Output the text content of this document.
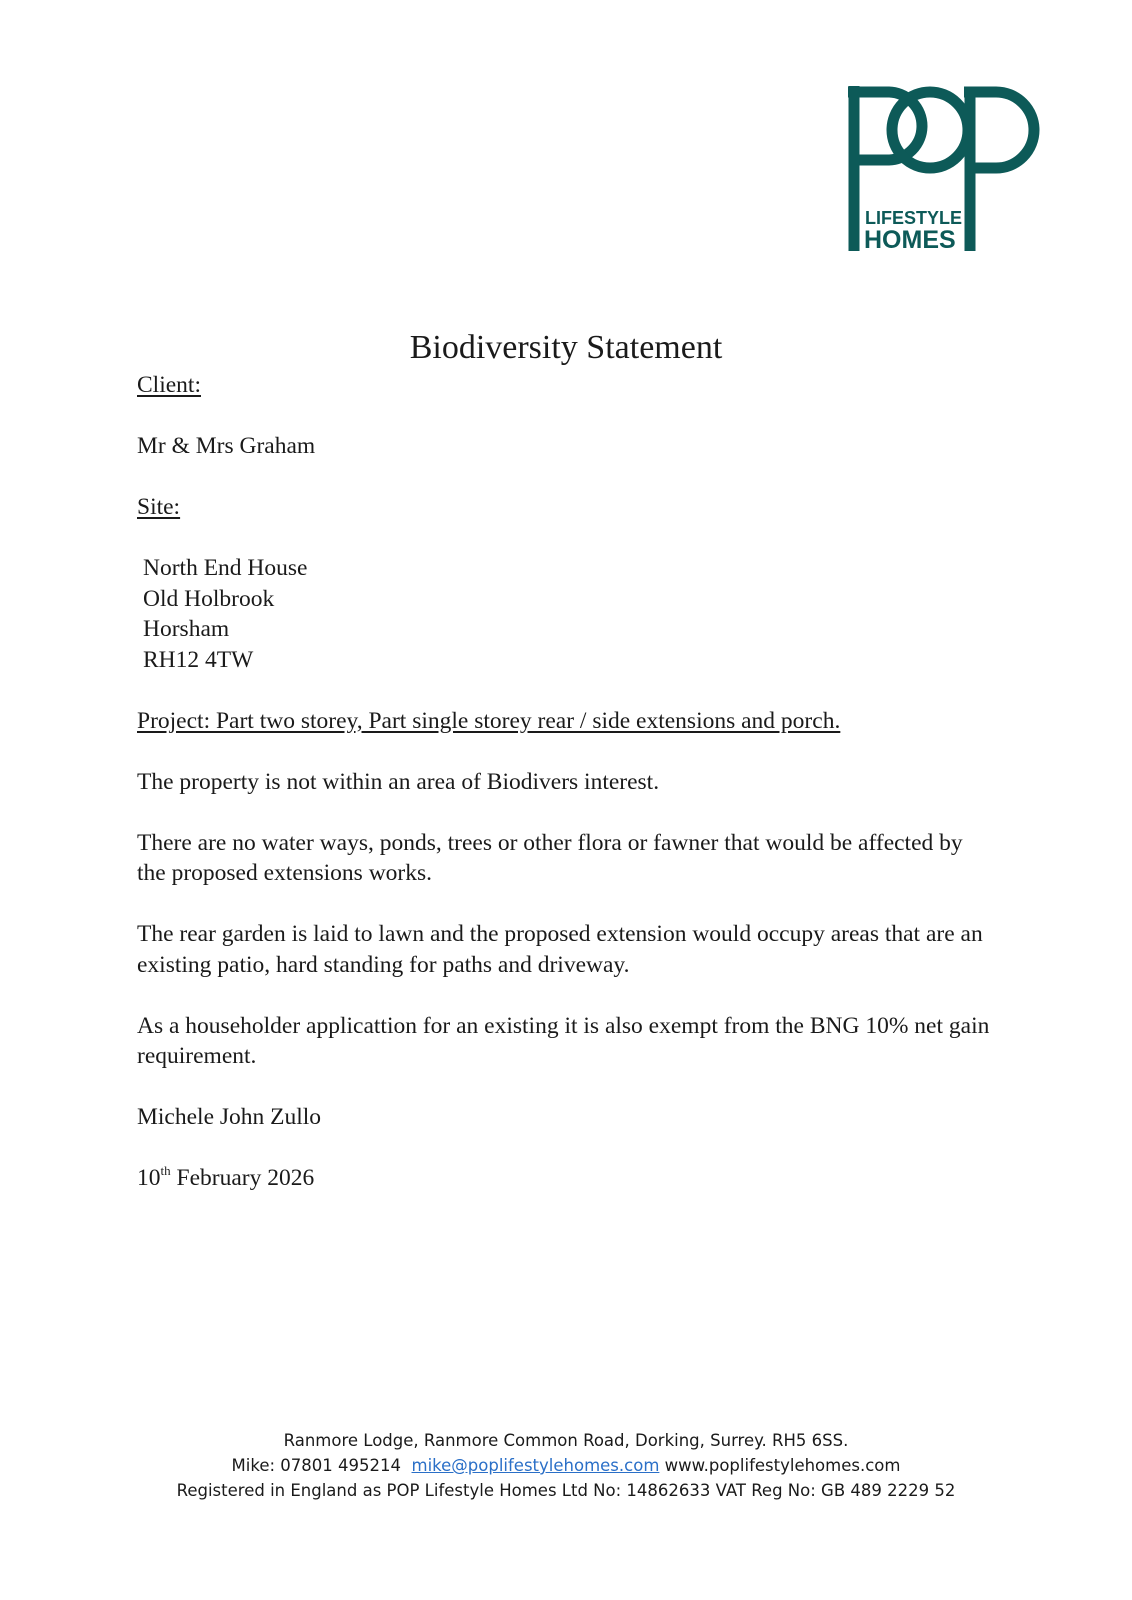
LIFESTYLE
HOMES
Biodiversity Statement

Client:

Mr & Mrs Graham

Site:

North End House
Old Holbrook
Horsham
RH12 4TW

Project: Part two storey, Part single storey rear / side extensions and porch.

The property is not within an area of Biodivers interest.

There are no water ways, ponds, trees or other flora or fawner that would be affected by the proposed extensions works.

The rear garden is laid to lawn and the proposed extension would occupy areas that are an existing patio, hard standing for paths and driveway.

As a householder applicattion for an existing it is also exempt from the BNG 10% net gain requirement.

Michele John Zullo

10th February 2026

Ranmore Lodge, Ranmore Common Road, Dorking, Surrey. RH5 6SS.
Mike: 07801 495214 mike@poplifestylehomes.com www.poplifestylehomes.com
Registered in England as POP Lifestyle Homes Ltd No: 14862633 VAT Reg No: GB 489 2229 52
